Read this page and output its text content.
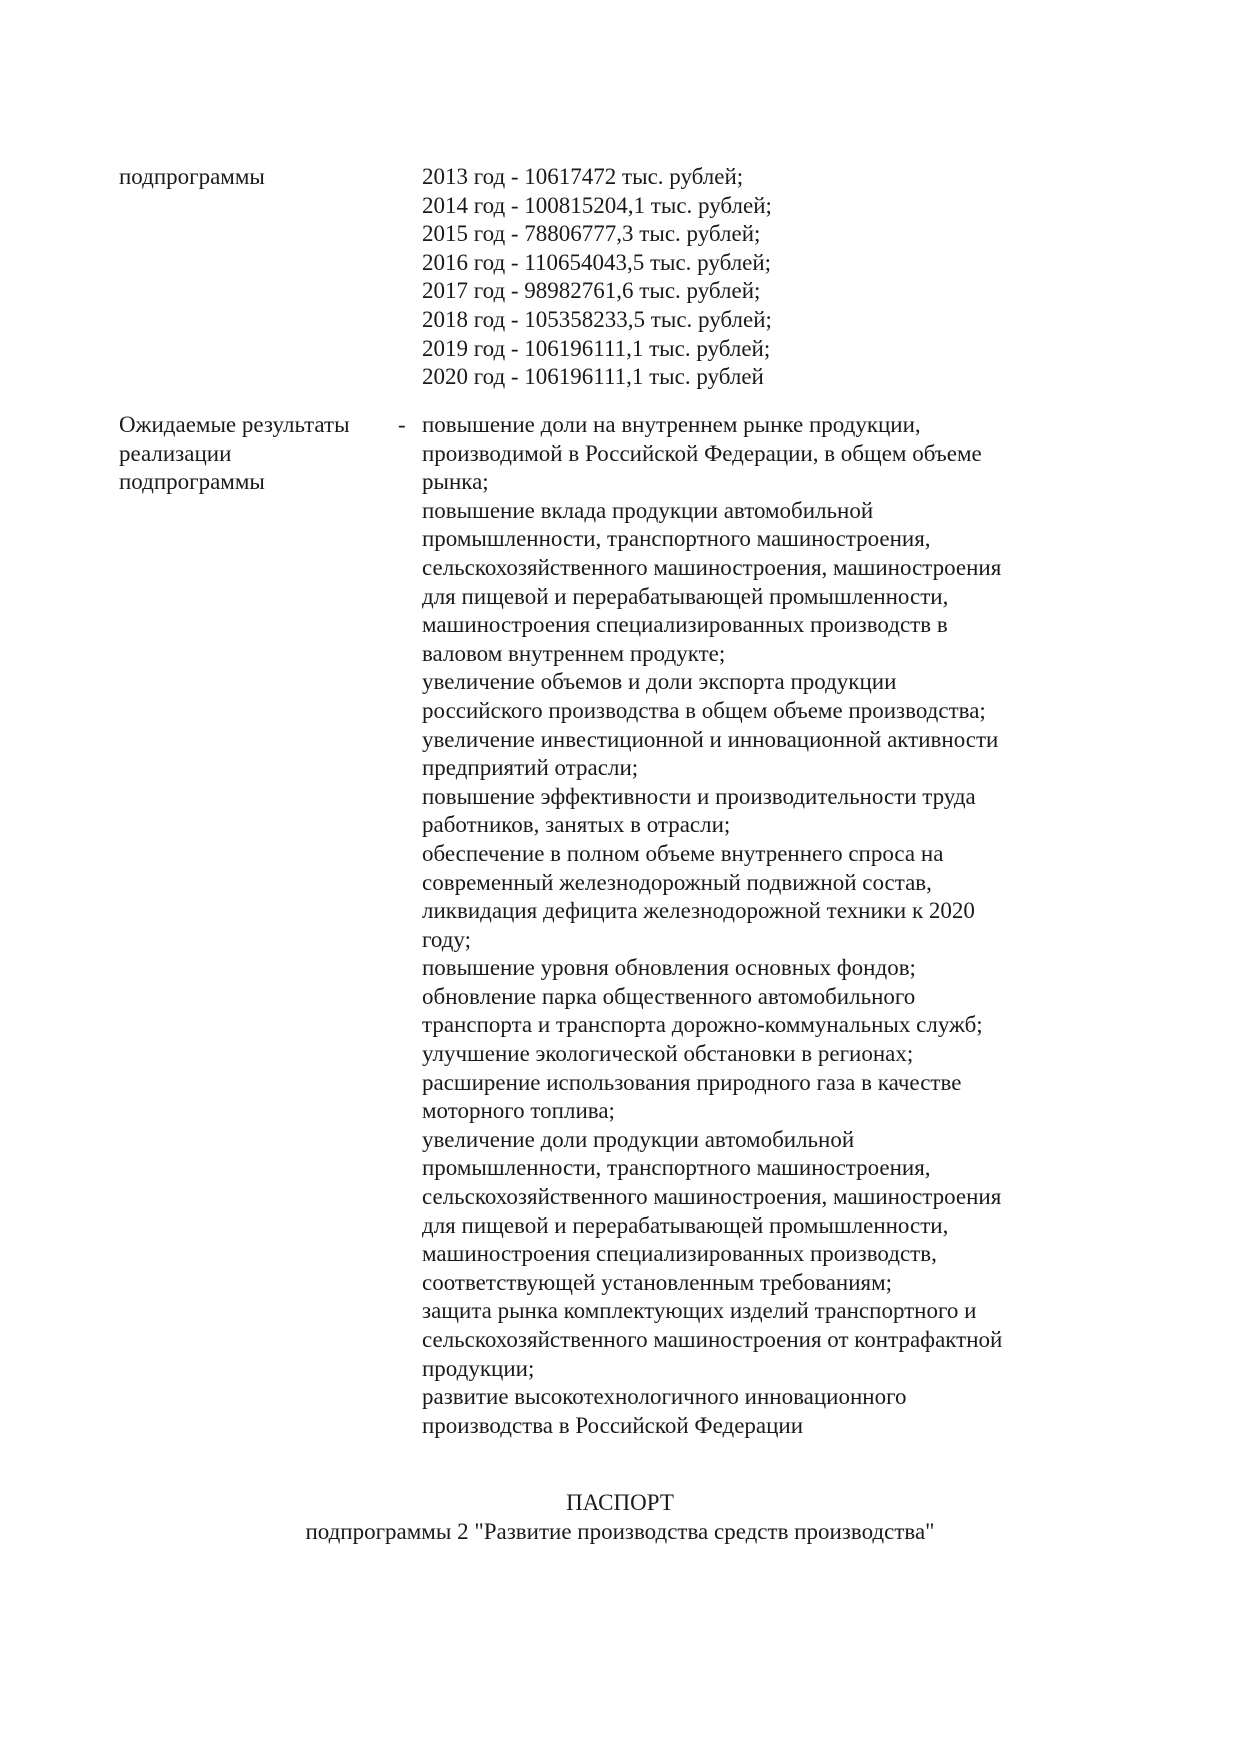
подпрограммы	2013 год - 10617472 тыс. рублей;
2014 год - 100815204,1 тыс. рублей;
2015 год - 78806777,3 тыс. рублей;
2016 год - 110654043,5 тыс. рублей;
2017 год - 98982761,6 тыс. рублей;
2018 год - 105358233,5 тыс. рублей;
2019 год - 106196111,1 тыс. рублей;
2020 год - 106196111,1 тыс. рублей
Ожидаемые результаты -
реализации
подпрограммы
повышение доли на внутреннем рынке продукции,
производимой в Российской Федерации, в общем объеме
рынка;
повышение вклада продукции автомобильной
промышленности, транспортного машиностроения,
сельскохозяйственного машиностроения, машиностроения
для пищевой и перерабатывающей промышленности,
машиностроения специализированных производств в
валовом внутреннем продукте;
увеличение объемов и доли экспорта продукции
российского производства в общем объеме производства;
увеличение инвестиционной и инновационной активности
предприятий отрасли;
повышение эффективности и производительности труда
работников, занятых в отрасли;
обеспечение в полном объеме внутреннего спроса на
современный железнодорожный подвижной состав,
ликвидация дефицита железнодорожной техники к 2020
году;
повышение уровня обновления основных фондов;
обновление парка общественного автомобильного
транспорта и транспорта дорожно-коммунальных служб;
улучшение экологической обстановки в регионах;
расширение использования природного газа в качестве
моторного топлива;
увеличение доли продукции автомобильной
промышленности, транспортного машиностроения,
сельскохозяйственного машиностроения, машиностроения
для пищевой и перерабатывающей промышленности,
машиностроения специализированных производств,
соответствующей установленным требованиям;
защита рынка комплектующих изделий транспортного и
сельскохозяйственного машиностроения от контрафактной
продукции;
развитие высокотехнологичного инновационного
производства в Российской Федерации
ПАСПОРТ
подпрограммы 2 "Развитие производства средств производства"
